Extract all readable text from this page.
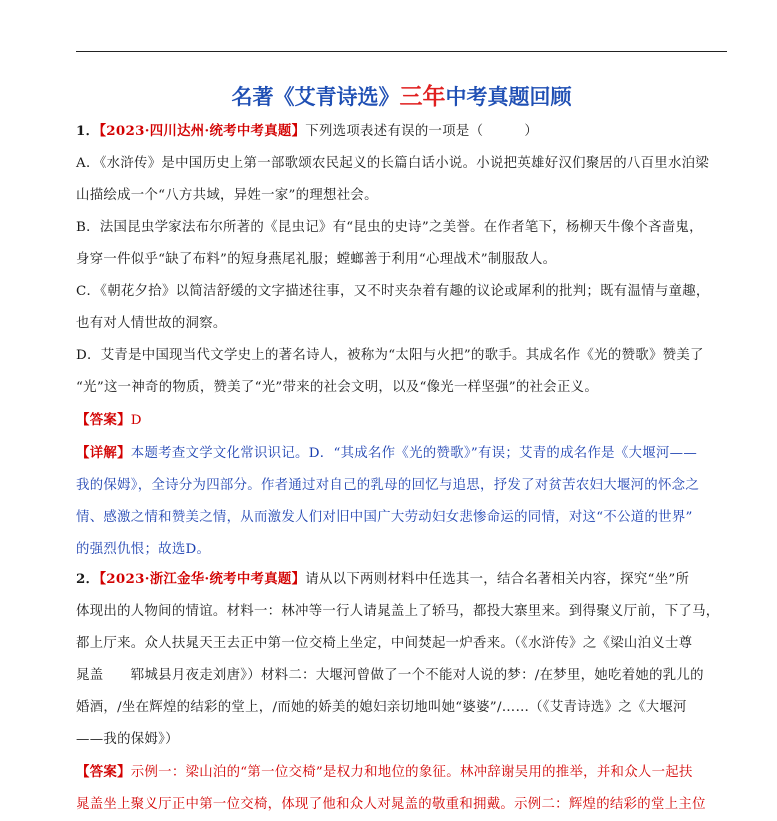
名著《艾青诗选》三年中考真题回顾

1．【2023·四川达州·统考中考真题】下列选项表述有误的一项是（　　　）

A．《水浒传》是中国历史上第一部歌颂农民起义的长篇白话小说。小说把英雄好汉们聚居的八百里水泊梁

山描绘成一个“八方共域，异姓一家”的理想社会。

B．法国昆虫学家法布尔所著的《昆虫记》有“昆虫的史诗”之美誉。在作者笔下，杨柳天牛像个吝啬鬼，

身穿一件似乎“缺了布料”的短身燕尾礼服；螳螂善于利用“心理战术”制服敌人。

C．《朝花夕拾》以简洁舒缓的文字描述往事，又不时夹杂着有趣的议论或犀利的批判；既有温情与童趣，

也有对人情世故的洞察。

D．艾青是中国现当代文学史上的著名诗人，被称为“太阳与火把”的歌手。其成名作《光的赞歌》赞美了

“光”这一神奇的物质，赞美了“光”带来的社会文明，以及“像光一样坚强”的社会正义。

【答案】D

【详解】本题考查文学文化常识识记。D．“其成名作《光的赞歌》”有误；艾青的成名作是《大堰河——

我的保姆》，全诗分为四部分。作者通过对自己的乳母的回忆与追思，抒发了对贫苦农妇大堰河的怀念之

情、感激之情和赞美之情，从而激发人们对旧中国广大劳动妇女悲惨命运的同情，对这“不公道的世界”

的强烈仇恨；故选D。

2．【2023·浙江金华·统考中考真题】请从以下两则材料中任选其一，结合名著相关内容，探究“坐”所

体现出的人物间的情谊。材料一：林冲等一行人请晁盖上了轿马，都投大寨里来。到得聚义厅前，下了马，

都上厅来。众人扶晁天王去正中第一位交椅上坐定，中间焚起一炉香来。（《水浒传》之《梁山泊义士尊

晁盖　　郓城县月夜走刘唐》）材料二：大堰河曾做了一个不能对人说的梦：/在梦里，她吃着她的乳儿的

婚酒，/坐在辉煌的结彩的堂上，/而她的娇美的媳妇亲切地叫她“婆婆”/……（《艾青诗选》之《大堰河

——我的保姆》）

【答案】示例一：梁山泊的“第一位交椅”是权力和地位的象征。林冲辞谢吴用的推举，并和众人一起扶

晁盖坐上聚义厅正中第一位交椅，体现了他和众人对晁盖的敬重和拥戴。示例二：辉煌的结彩的堂上主位
